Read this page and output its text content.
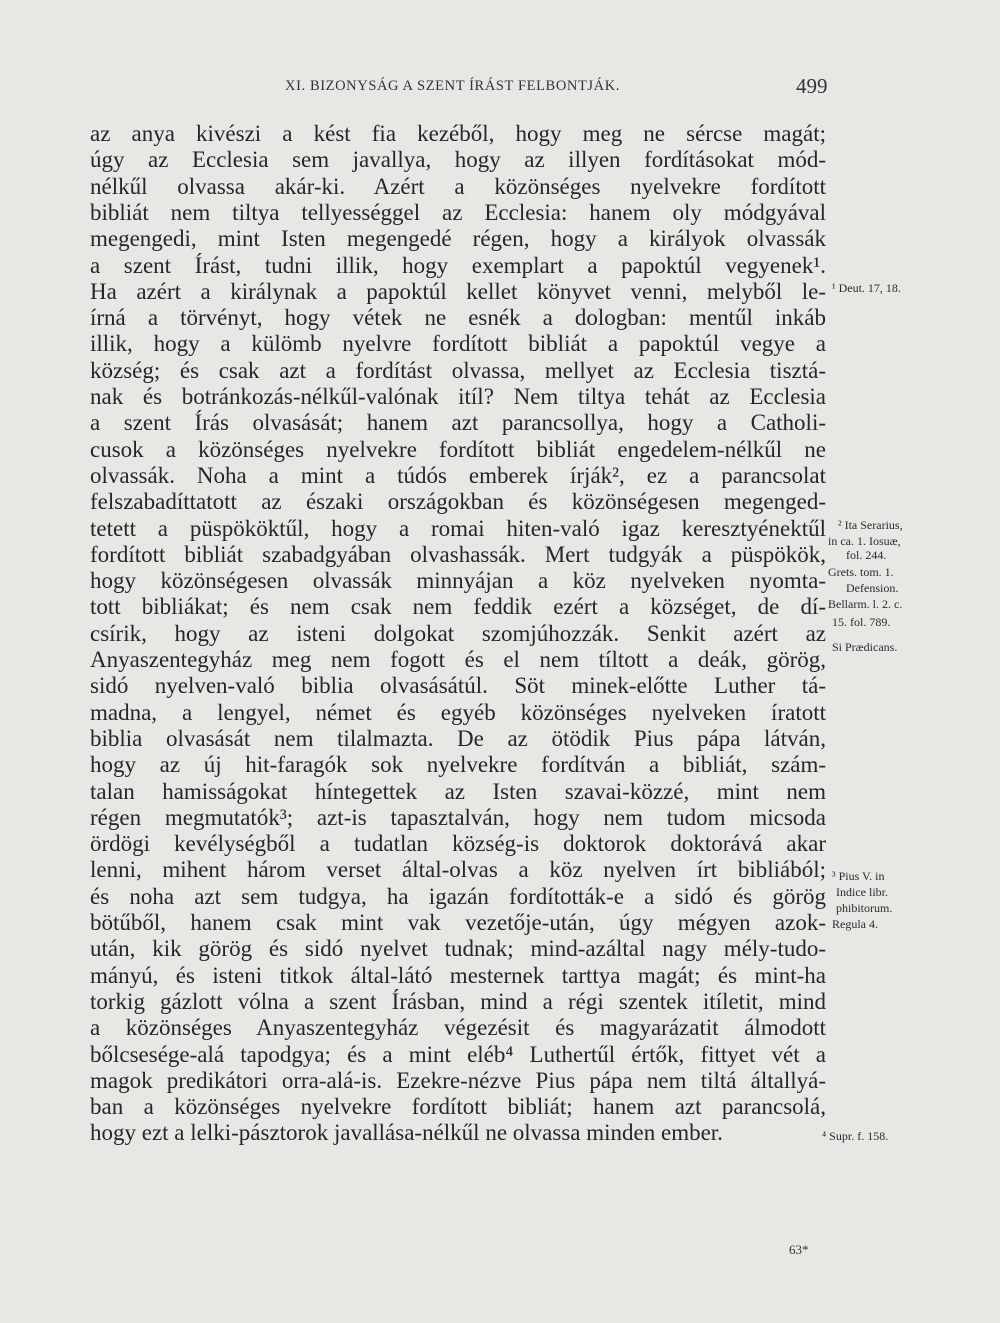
XI. BIZONYSÁG A SZENT ÍRÁST FELBONTJÁK.	499
az anya kivészi a kést fia kezéből, hogy meg ne sércse magát;
úgy az Ecclesia sem javallya, hogy az illyen fordításokat mód-
nélkűl olvassa akár-ki. Azért a közönséges nyelvekre fordított
bibliát nem tiltya tellyességgel az Ecclesia: hanem oly módgyával
megengedi, mint Isten megengedé régen, hogy a királyok olvassák
a szent Írást, tudni illik, hogy exemplart a papoktúl vegyenek¹.
Ha azért a királynak a papoktúl kellet könyvet venni, melyből le-
írná a törvényt, hogy vétek ne esnék a dologban: mentűl inkáb
illik, hogy a külömb nyelvre fordított bibliát a papoktúl vegye a
község; és csak azt a fordítást olvassa, mellyet az Ecclesia tisztá-
nak és botránkozás-nélkűl-valónak itíl? Nem tiltya tehát az Ecclesia
a szent Írás olvasását; hanem azt parancsollya, hogy a Catholi-
cusok a közönséges nyelvekre fordított bibliát engedelem-nélkűl ne
olvassák. Noha a mint a túdós emberek írják², ez a parancsolat
felszabadíttatott az északi országokban és közönségesen megenged-
tetett a püspököktűl, hogy a romai hiten-való igaz keresztyénektűl
fordított bibliát szabadgyában olvashassák. Mert tudgyák a püspökök,
hogy közönségesen olvassák minnyájan a köz nyelveken nyomta-
tott bibliákat; és nem csak nem feddik ezért a községet, de dí-
csírik, hogy az isteni dolgokat szomjúhozzák. Senkit azért az
Anyaszentegyház meg nem fogott és el nem tíltott a deák, görög,
sidó nyelven-való biblia olvasásátúl. Söt minek-előtte Luther tá-
madna, a lengyel, német és egyéb közönséges nyelveken íratott
biblia olvasását nem tilalmazta. De az ötödik Pius pápa látván,
hogy az új hit-faragók sok nyelvekre fordítván a bibliát, szám-
talan hamisságokat híntegettek az Isten szavai-közzé, mint nem
régen megmutatók³; azt-is tapasztalván, hogy nem tudom micsoda
ördögi kevélységből a tudatlan község-is doktorok doktorává akar
lenni, mihent három verset által-olvas a köz nyelven írt bibliából;
és noha azt sem tudgya, ha igazán fordították-e a sidó és görög
bötűből, hanem csak mint vak vezetője-után, úgy mégyen azok-
után, kik görög és sidó nyelvet tudnak; mind-azáltal nagy mély-tudo-
mányú, és isteni titkok által-látó mesternek tarttya magát; és mint-ha
torkig gázlott vólna a szent Írásban, mind a régi szentek itíletit, mind
a közönséges Anyaszentegyház végezésit és magyarázatit álmodott
bőlcsesége-alá tapodgya; és a mint eléb⁴ Luthertűl értők, fittyet vét a
magok predikátori orra-alá-is. Ezekre-nézve Pius pápa nem tiltá általlyá-
ban a közönséges nyelvekre fordított bibliát; hanem azt parancsolá,
hogy ezt a lelki-pásztorok javallása-nélkűl ne olvassa minden ember.
¹ Deut. 17, 18.
² Ita Serarius,
in ca. 1. Iosuæ,
fol. 244.
Grets. tom. 1.
Defension.
Bellarm. l. 2. c.
15. fol. 789.
Si Prædicans.
³ Pius V. in
Indice libr.
phibitorum.
Regula 4.
⁴ Supr. f. 158.
63*
